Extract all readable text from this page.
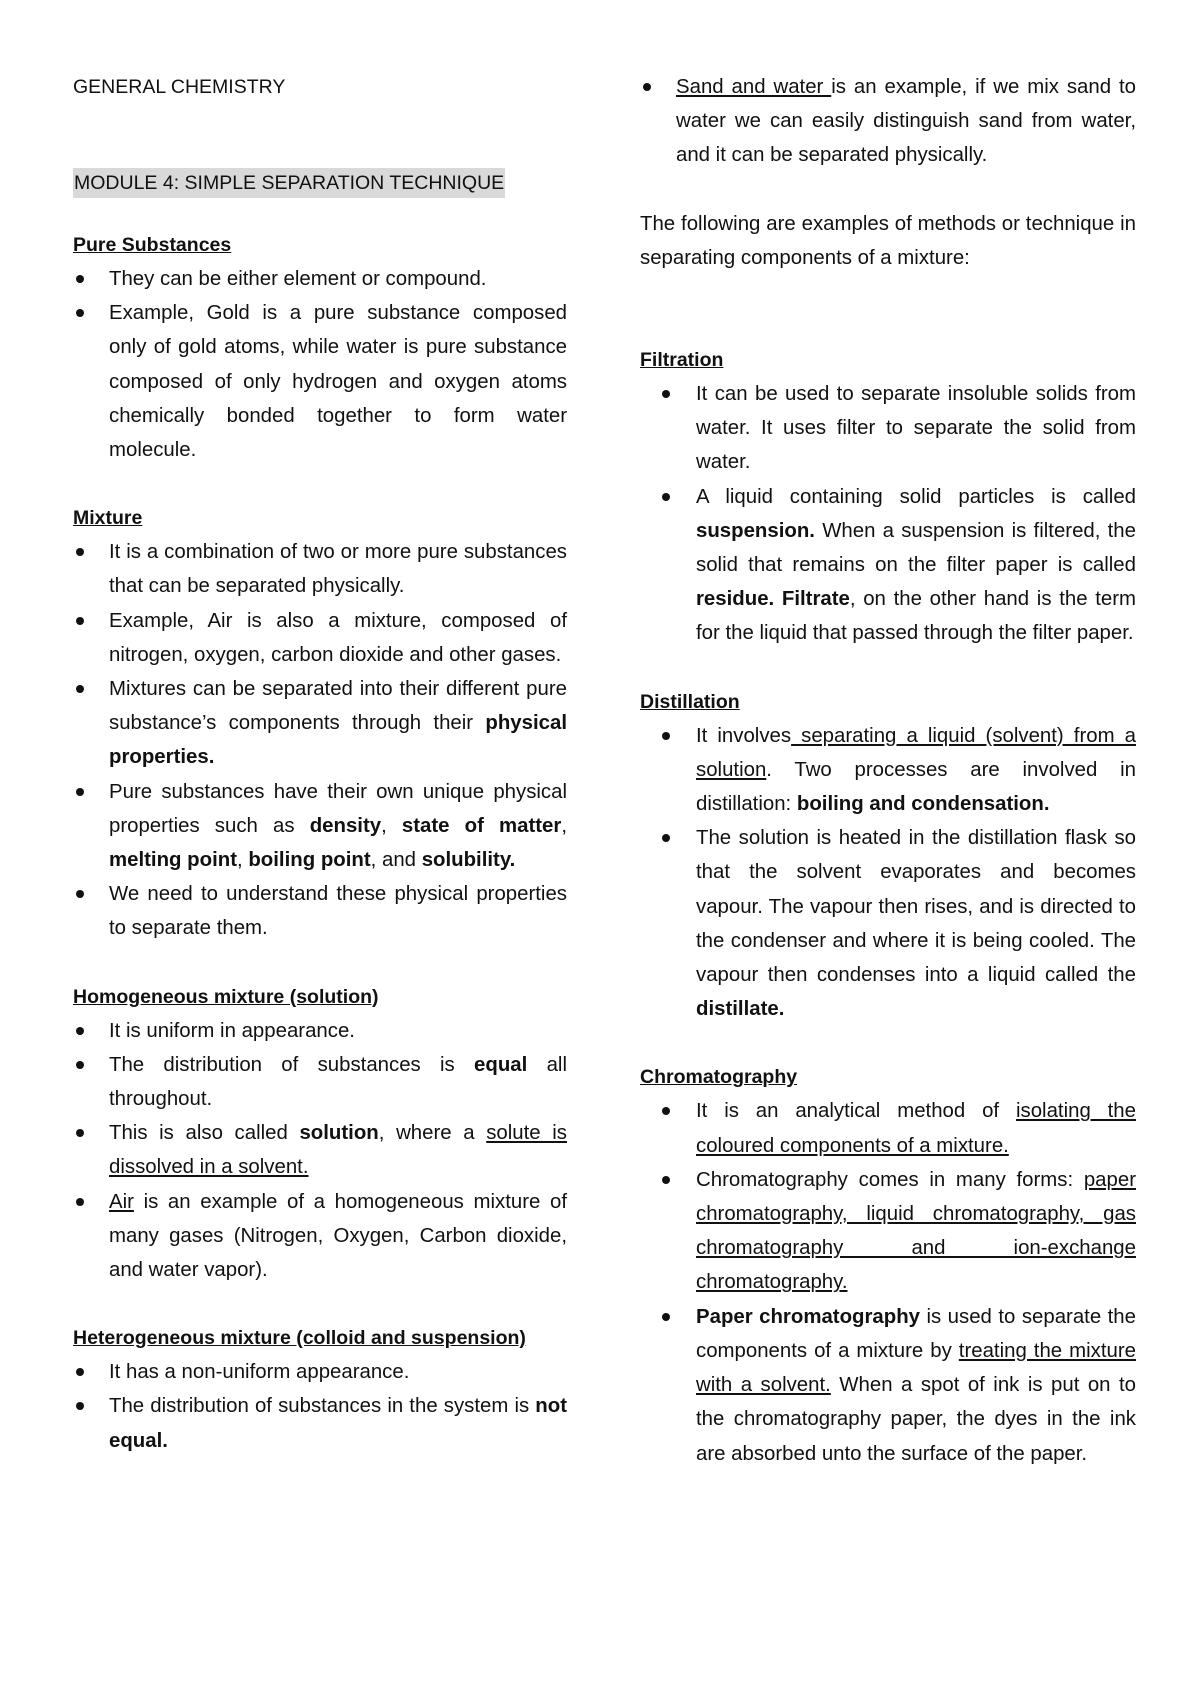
GENERAL CHEMISTRY

MODULE 4: SIMPLE SEPARATION TECHNIQUE

Pure Substances

They can be either element or compound.
Example, Gold is a pure substance composed only of gold atoms, while water is pure substance composed of only hydrogen and oxygen atoms chemically bonded together to form water molecule.

Mixture

It is a combination of two or more pure substances that can be separated physically.
Example, Air is also a mixture, composed of nitrogen, oxygen, carbon dioxide and other gases.
Mixtures can be separated into their different pure substance’s components through their physical properties.
Pure substances have their own unique physical properties such as density, state of matter, melting point, boiling point, and solubility.
We need to understand these physical properties to separate them.

Homogeneous mixture (solution)

It is uniform in appearance.
The distribution of substances is equal all throughout.
This is also called solution, where a solute is dissolved in a solvent.
Air is an example of a homogeneous mixture of many gases (Nitrogen, Oxygen, Carbon dioxide, and water vapor).

Heterogeneous mixture (colloid and suspension)

It has a non-uniform appearance.
The distribution of substances in the system is not equal.
Sand and water is an example, if we mix sand to water we can easily distinguish sand from water, and it can be separated physically.

The following are examples of methods or technique in separating components of a mixture:

Filtration

It can be used to separate insoluble solids from water. It uses filter to separate the solid from water.
A liquid containing solid particles is called suspension. When a suspension is filtered, the solid that remains on the filter paper is called residue. Filtrate, on the other hand is the term for the liquid that passed through the filter paper.

Distillation

It involves separating a liquid (solvent) from a solution. Two processes are involved in distillation: boiling and condensation.
The solution is heated in the distillation flask so that the solvent evaporates and becomes vapour. The vapour then rises, and is directed to the condenser and where it is being cooled. The vapour then condenses into a liquid called the distillate.

Chromatography

It is an analytical method of isolating the coloured components of a mixture.
Chromatography comes in many forms: paper chromatography, liquid chromatography, gas chromatography and ion-exchange chromatography.
Paper chromatography is used to separate the components of a mixture by treating the mixture with a solvent. When a spot of ink is put on to the chromatography paper, the dyes in the ink are absorbed unto the surface of the paper.
